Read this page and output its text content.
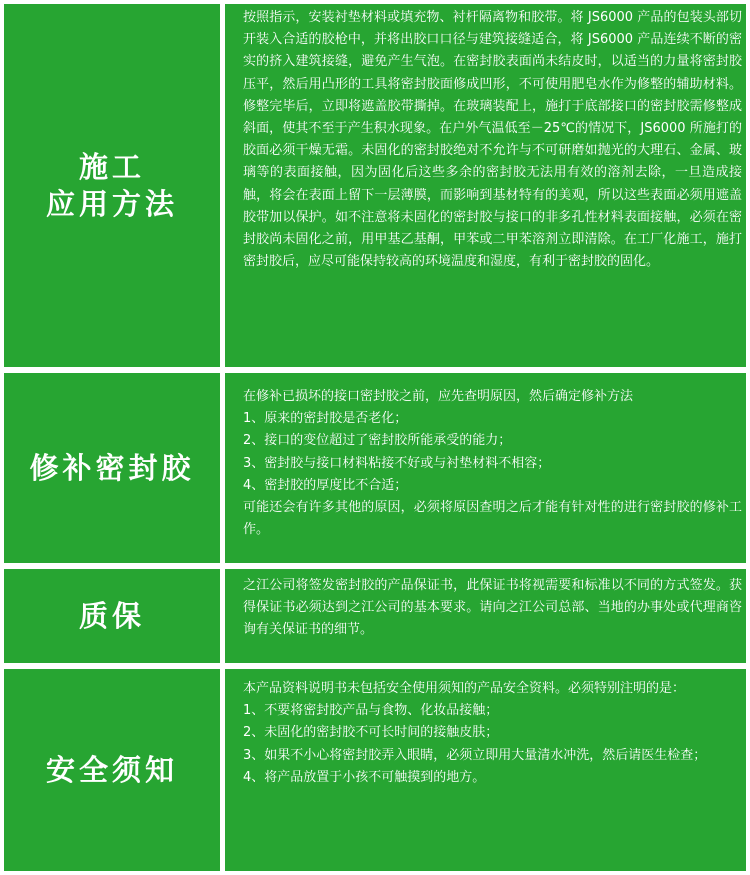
施工
应用方法

按照指示，安装衬垫材料或填充物、衬杆隔离物和胶带。将 JS6000 产品的包装头部切开装入合适的胶枪中，并将出胶口口径与建筑接缝适合，将 JS6000 产品连续不断的密实的挤入建筑接缝，避免产生气泡。在密封胶表面尚未结皮时，以适当的力量将密封胶压平，然后用凸形的工具将密封胶面修成凹形，不可使用肥皂水作为修整的辅助材料。修整完毕后，立即将遮盖胶带撕掉。在玻璃装配上，施打于底部接口的密封胶需修整成斜面，使其不至于产生积水现象。在户外气温低至－25℃的情况下，JS6000 所施打的胶面必须干燥无霜。未固化的密封胶绝对不允许与不可研磨如抛光的大理石、金属、玻璃等的表面接触，因为固化后这些多余的密封胶无法用有效的溶剂去除，一旦造成接触，将会在表面上留下一层薄膜，而影响到基材特有的美观，所以这些表面必须用遮盖胶带加以保护。如不注意将未固化的密封胶与接口的非多孔性材料表面接触，必须在密封胶尚未固化之前，用甲基乙基酮，甲苯或二甲苯溶剂立即清除。在工厂化施工，施打密封胶后，应尽可能保持较高的环境温度和湿度，有利于密封胶的固化。

修补密封胶

在修补已损坏的接口密封胶之前，应先查明原因，然后确定修补方法

1、原来的密封胶是否老化；

2、接口的变位超过了密封胶所能承受的能力；

3、密封胶与接口材料粘接不好或与衬垫材料不相容；

4、密封胶的厚度比不合适；

可能还会有许多其他的原因，必须将原因查明之后才能有针对性的进行密封胶的修补工作。

质保

之江公司将签发密封胶的产品保证书，此保证书将视需要和标准以不同的方式签发。获得保证书必须达到之江公司的基本要求。请向之江公司总部、当地的办事处或代理商咨询有关保证书的细节。

安全须知

本产品资料说明书未包括安全使用须知的产品安全资料。必须特别注明的是：

1、不要将密封胶产品与食物、化妆品接触；

2、未固化的密封胶不可长时间的接触皮肤；

3、如果不小心将密封胶弄入眼睛，必须立即用大量清水冲洗，然后请医生检查；

4、将产品放置于小孩不可触摸到的地方。
